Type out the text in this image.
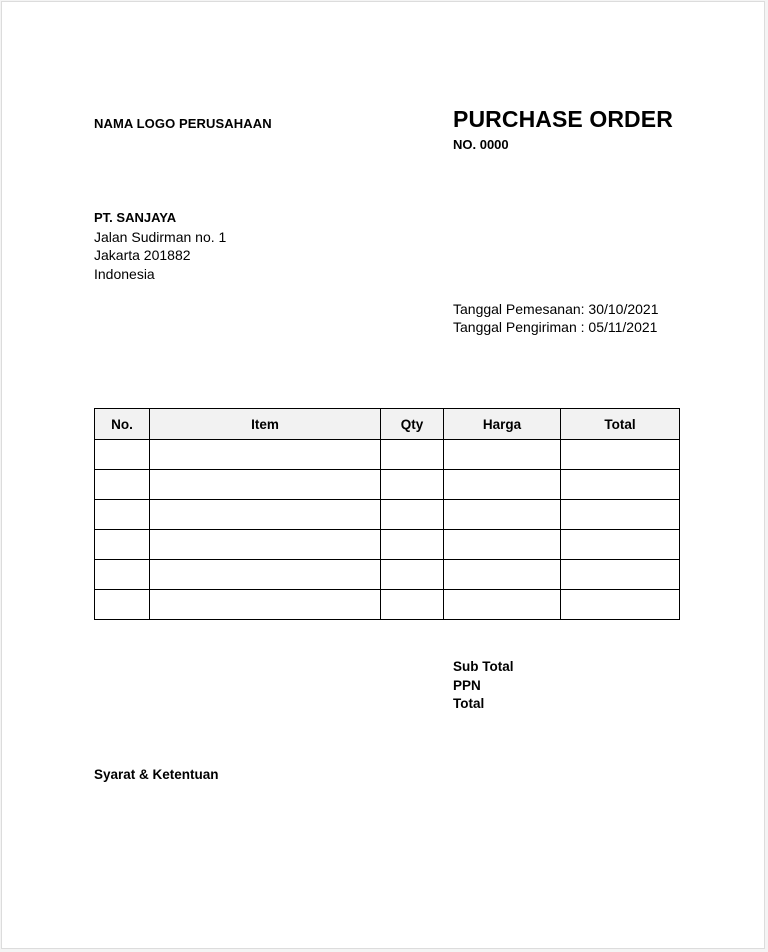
NAMA LOGO PERUSAHAAN	PURCHASE ORDER
NO. 0000
PT. SANJAYA
Jalan Sudirman no. 1
Jakarta 201882
Indonesia
Tanggal Pemesanan: 30/10/2021
Tanggal Pengiriman : 05/11/2021
No.	Item	Qty	Harga	Total

Sub Total
PPN
Total
Syarat & Ketentuan
